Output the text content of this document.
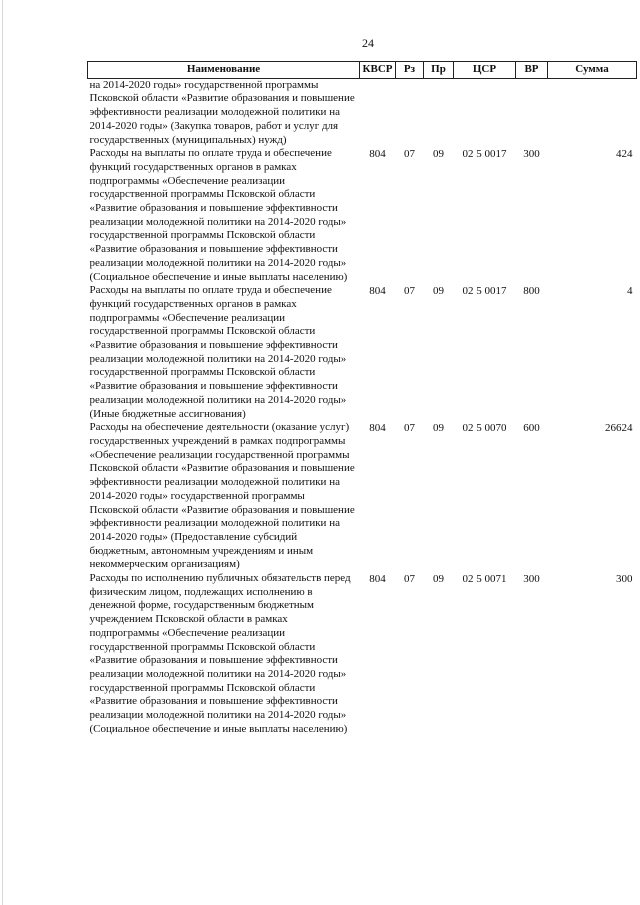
24
Наименование	КВСР	Рз	Пр	ЦСР	ВР	Сумма
на 2014-2020 годы» государственной программы Псковской области «Развитие образования и повышение эффективности реализации молодежной политики на 2014-2020 годы» (Закупка товаров, работ и услуг для государственных (муниципальных) нужд)						
Расходы на выплаты по оплате труда и обеспечение функций государственных органов в рамках подпрограммы «Обеспечение реализации государственной программы Псковской области «Развитие образования и повышение эффективности реализации молодежной политики на 2014-2020 годы» государственной программы Псковской области «Развитие образования и повышение эффективности реализации молодежной политики на 2014-2020 годы» (Социальное обеспечение и иные выплаты населению)	804	07	09	02 5 0017	300	424
Расходы на выплаты по оплате труда и обеспечение функций государственных органов в рамках подпрограммы «Обеспечение реализации государственной программы Псковской области «Развитие образования и повышение эффективности реализации молодежной политики на 2014-2020 годы» государственной программы Псковской области «Развитие образования и повышение эффективности реализации молодежной политики на 2014-2020 годы» (Иные бюджетные ассигнования)	804	07	09	02 5 0017	800	4
Расходы на обеспечение деятельности (оказание услуг) государственных учреждений в рамках подпрограммы «Обеспечение реализации государственной программы Псковской области «Развитие образования и повышение эффективности реализации молодежной политики на 2014-2020 годы» государственной программы Псковской области «Развитие образования и повышение эффективности реализации молодежной политики на 2014-2020 годы» (Предоставление субсидий бюджетным, автономным учреждениям и иным некоммерческим организациям)	804	07	09	02 5 0070	600	26624
Расходы по исполнению публичных обязательств перед физическим лицом, подлежащих исполнению в денежной форме, государственным бюджетным учреждением Псковской области в рамках подпрограммы «Обеспечение реализации государственной программы Псковской области «Развитие образования и повышение эффективности реализации молодежной политики на 2014-2020 годы» государственной программы Псковской области «Развитие образования и повышение эффективности реализации молодежной политики на 2014-2020 годы» (Социальное обеспечение и иные выплаты населению)	804	07	09	02 5 0071	300	300
